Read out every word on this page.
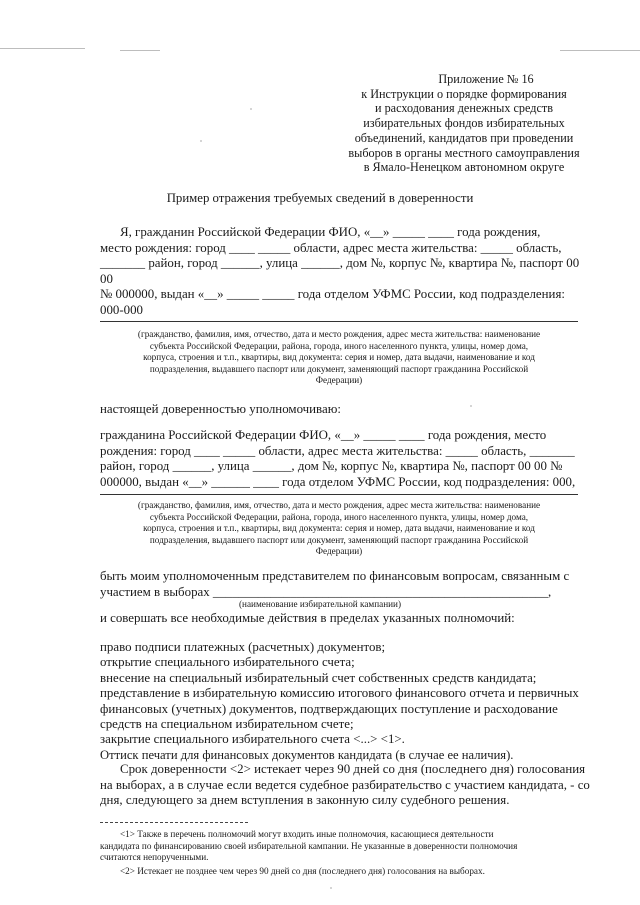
Приложение № 16
к Инструкции о порядке формирования
и расходования денежных средств
избирательных фондов избирательных
объединений, кандидатов при проведении
выборов в органы местного самоуправления
в Ямало-Ненецком автономном округе
Пример отражения требуемых сведений в доверенности
Я, гражданин Российской Федерации ФИО, «__» _____ ____ года рождения,
место рождения: город ____ _____ области, адрес места жительства: _____ область,
_______ район, город ______, улица ______, дом №, корпус №, квартира №, паспорт 00
00
№ 000000, выдан «__» _____ _____ года отделом УФМС России, код подразделения:
000-000
(гражданство, фамилия, имя, отчество, дата и место рождения, адрес места жительства: наименование
субъекта Российской Федерации, района, города, иного населенного пункта, улицы, номер дома,
корпуса, строения и т.п., квартиры, вид документа: серия и номер, дата выдачи, наименование и код
подразделения, выдавшего паспорт или документ, заменяющий паспорт гражданина Российской
Федерации)
настоящей доверенностью уполномочиваю:
гражданина Российской Федерации ФИО, «__» _____ ____ года рождения, место
рождения: город ____ _____ области, адрес места жительства: _____ область, _______
район, город ______, улица ______, дом №, корпус №, квартира №, паспорт 00 00 №
000000, выдан «__» ______ ____ года отделом УФМС России, код подразделения: 000,
(гражданство, фамилия, имя, отчество, дата и место рождения, адрес места жительства: наименование
субъекта Российской Федерации, района, города, иного населенного пункта, улицы, номер дома,
корпуса, строения и т.п., квартиры, вид документа: серия и номер, дата выдачи, наименование и код
подразделения, выдавшего паспорт или документ, заменяющий паспорт гражданина Российской
Федерации)
быть моим уполномоченным представителем по финансовым вопросам, связанным с
участием в выборах ____________________________________________________,
(наименование избирательной кампании)
и совершать все необходимые действия в пределах указанных полномочий:
право подписи платежных (расчетных) документов;
открытие специального избирательного счета;
внесение на специальный избирательный счет собственных средств кандидата;
представление в избирательную комиссию итогового финансового отчета и первичных
финансовых (учетных) документов, подтверждающих поступление и расходование
средств на специальном избирательном счете;
закрытие специального избирательного счета <...> <1>.
Оттиск печати для финансовых документов кандидата (в случае ее наличия).
Срок доверенности <2> истекает через 90 дней со дня (последнего дня) голосования
на выборах, а в случае если ведется судебное разбирательство с участием кандидата, - со
дня, следующего за днем вступления в законную силу судебного решения.
<1> Также в перечень полномочий могут входить иные полномочия, касающиеся деятельности
кандидата по финансированию своей избирательной кампании. Не указанные в доверенности полномочия
считаются непорученными.
<2> Истекает не позднее чем через 90 дней со дня (последнего дня) голосования на выборах.
